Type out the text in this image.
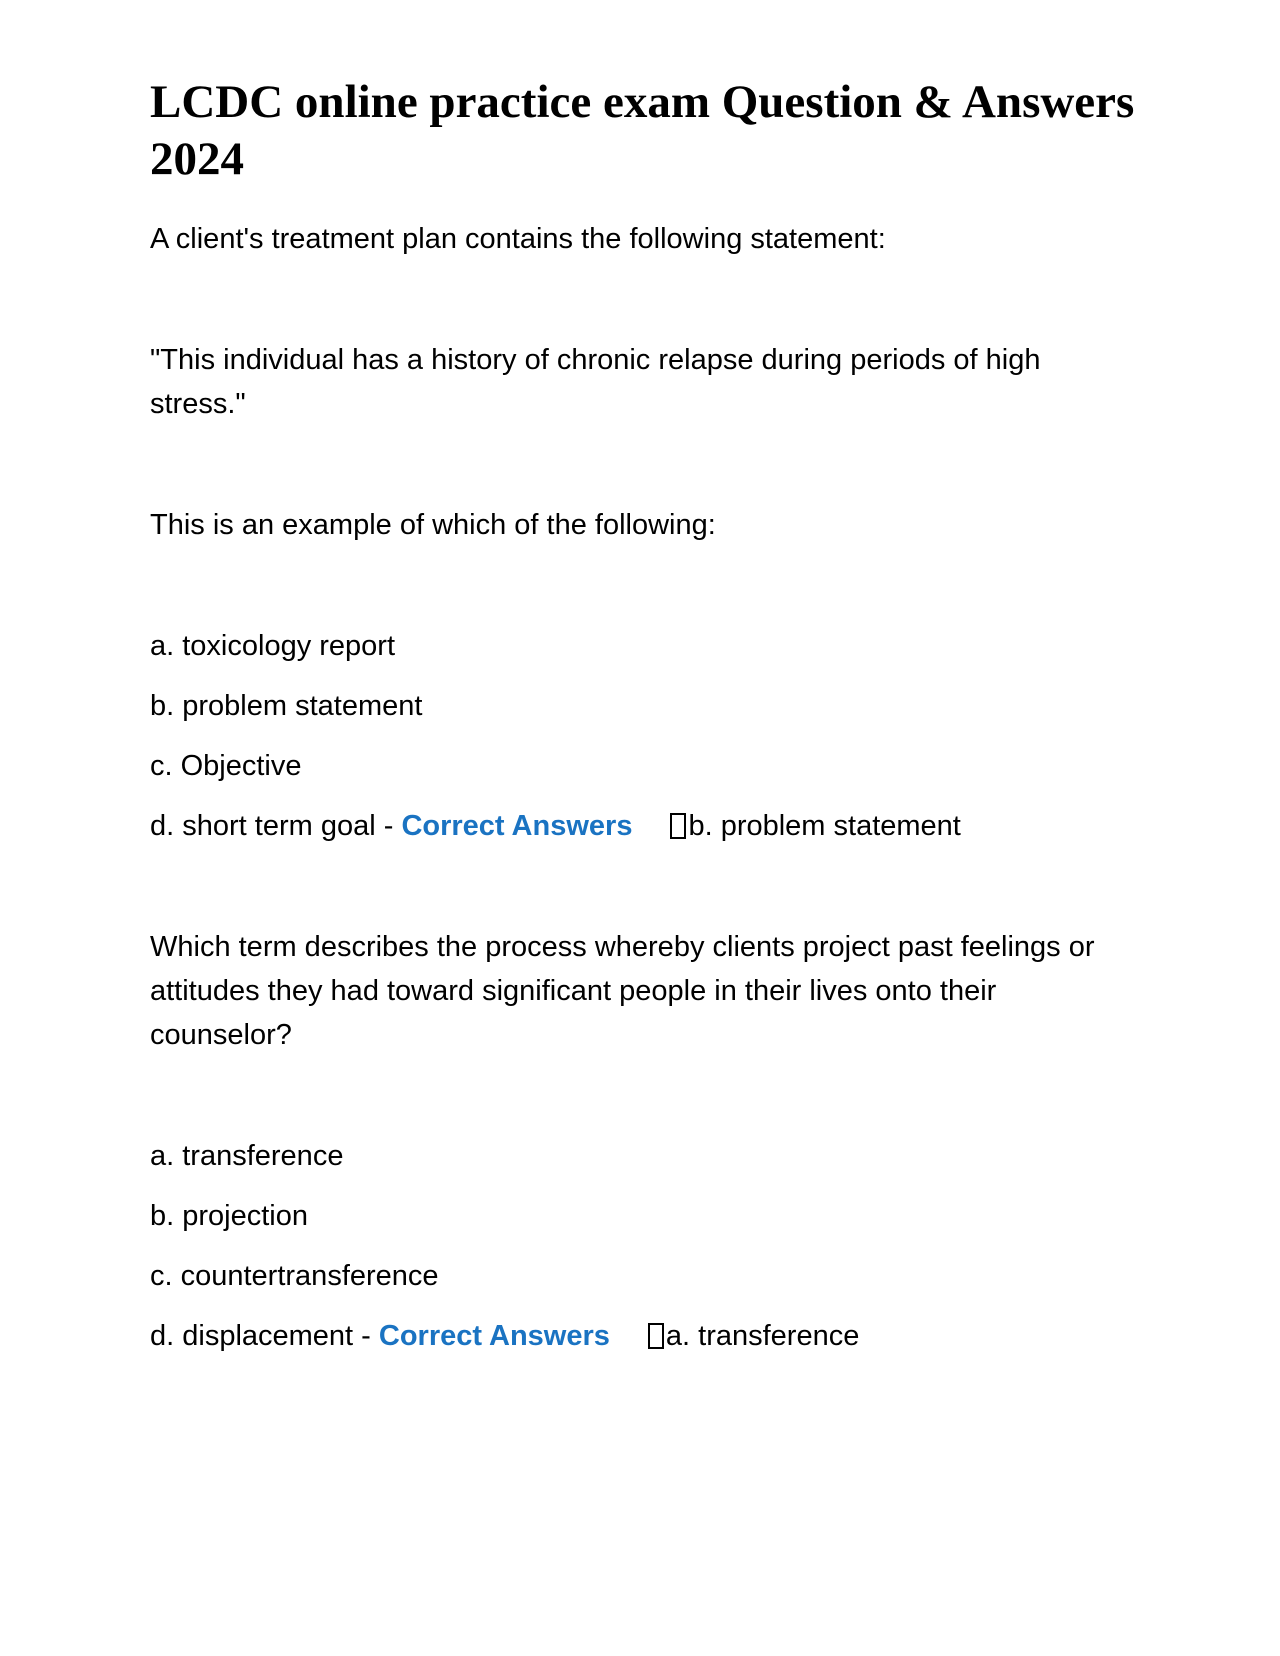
LCDC online practice exam Question & Answers 2024

A client's treatment plan contains the following statement:

"This individual has a history of chronic relapse during periods of high stress."

This is an example of which of the following:

a. toxicology report

b. problem statement

c. Objective

d. short term goal - Correct Answers b. problem statement

Which term describes the process whereby clients project past feelings or attitudes they had toward significant people in their lives onto their counselor?

a. transference

b. projection

c. countertransference

d. displacement - Correct Answers a. transference
